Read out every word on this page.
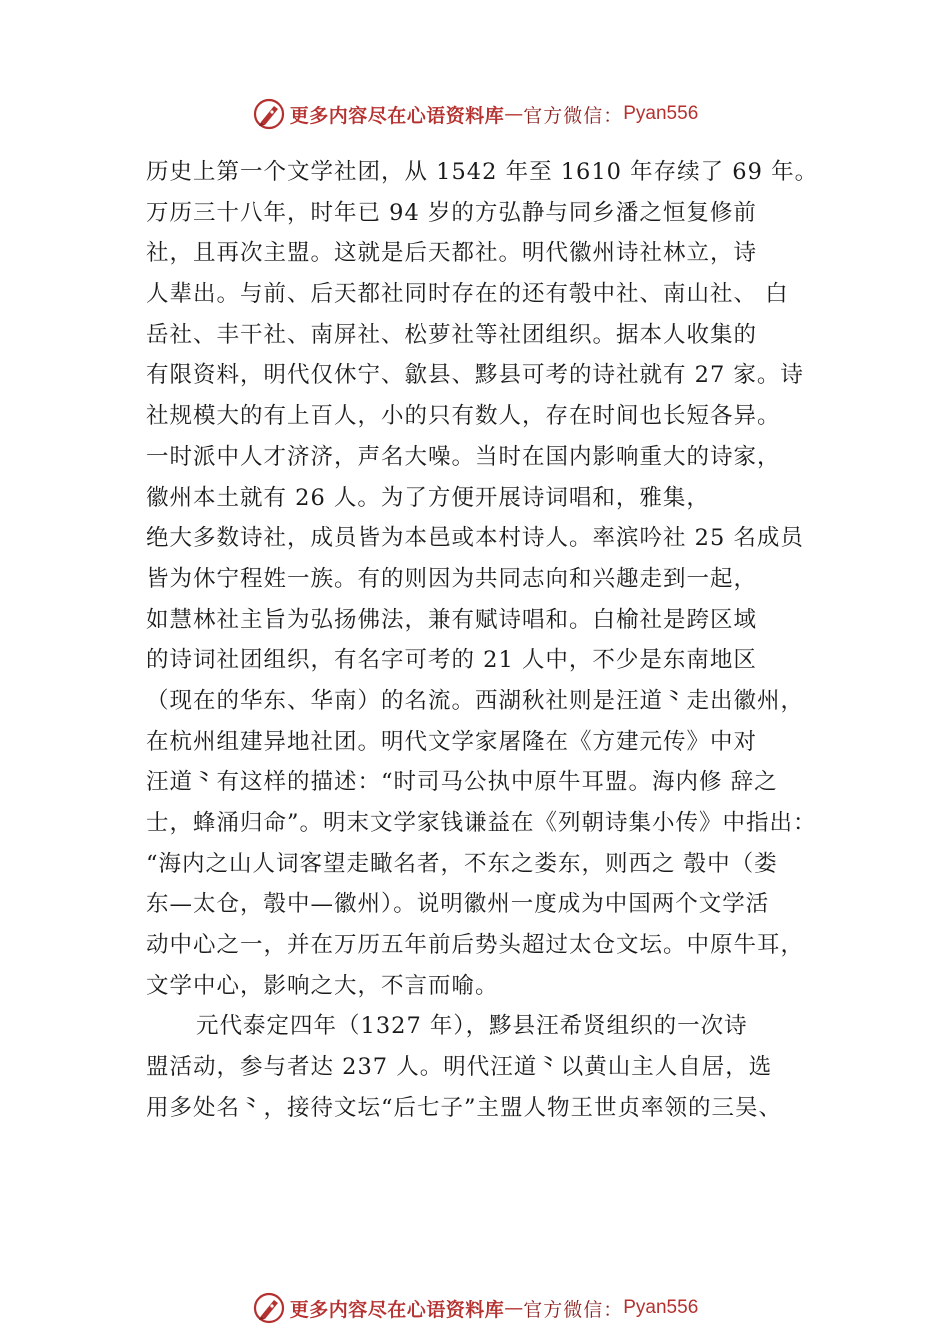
更多内容尽在心语资料库 — 官方微信： Pyan556
历史上第一个文学社团，从 1542 年至 1610 年存续了 69 年。
万历三十八年，时年已 94 岁的方弘静与同乡潘之恒复修前
社，且再次主盟。这就是后天都社。明代徽州诗社林立，诗
人辈出。与前、后天都社同时存在的还有彀中社、南山社、 白
岳社、丰干社、南屏社、松萝社等社团组织。据本人收集的
有限资料，明代仅休宁、歙县、黟县可考的诗社就有 27 家。诗
社规模大的有上百人，小的只有数人，存在时间也长短各异。
一时派中人才济济，声名大噪。当时在国内影响重大的诗家，
徽州本土就有 26 人。为了方便开展诗词唱和，雅集，
绝大多数诗社，成员皆为本邑或本村诗人。率滨吟社 25 名成员
皆为休宁程姓一族。有的则因为共同志向和兴趣走到一起，
如慧林社主旨为弘扬佛法，兼有赋诗唱和。白榆社是跨区域
的诗词社团组织，有名字可考的 21 人中，不少是东南地区
（现在的华东、华南）的名流。西湖秋社则是汪道⺀走出徽州，
在杭州组建异地社团。明代文学家屠隆在《方建元传》中对
汪道⺀有这样的描述：“时司马公执中原牛耳盟。海内修 辞之
士，蜂涌归命”。明末文学家钱谦益在《列朝诗集小传》中指出：
“海内之山人词客望走瞰名者，不东之娄东，则西之 彀中（娄
东—太仓，彀中—徽州）。说明徽州一度成为中国两个文学活
动中心之一，并在万历五年前后势头超过太仓文坛。中原牛耳，
文学中心，影响之大，不言而喻。
元代泰定四年（1327 年），黟县汪希贤组织的一次诗
盟活动，参与者达 237 人。明代汪道⺀以黄山主人自居，选
用多处名⺀，接待文坛“后七子”主盟人物王世贞率领的三吴、
更多内容尽在心语资料库 — 官方微信： Pyan556
